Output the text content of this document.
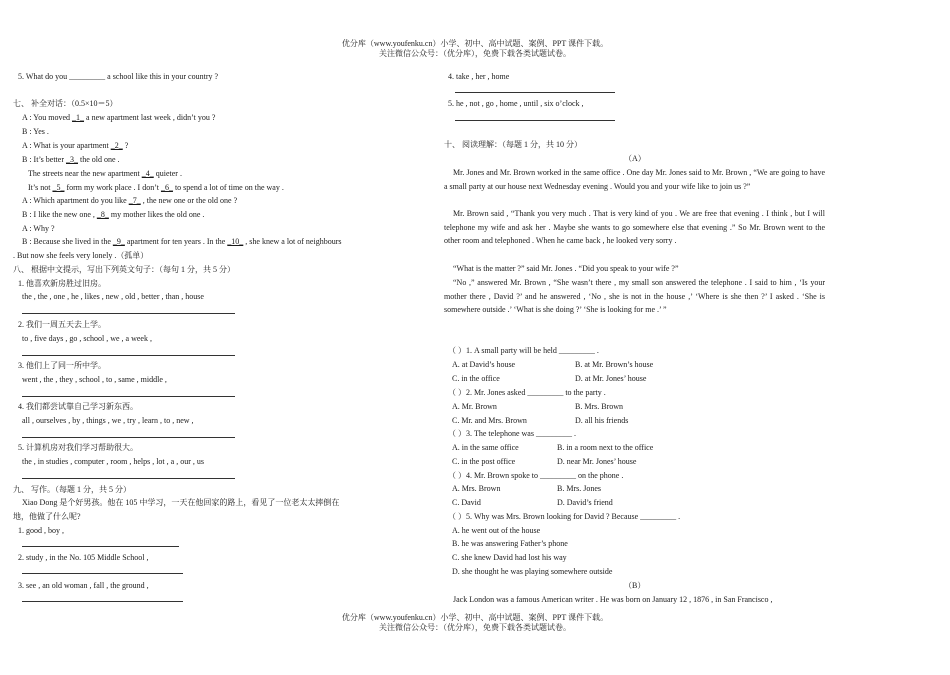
优分库（www.youfenku.cn）小学、初中、高中试题、案例、PPT 课件下载。
关注微信公众号：（优分库），免费下载各类试题试卷。
5. What do you _________ a school like this in your country ?
七、 补全对话：（0.5×10＝5）
A : You moved _1_ a new apartment last week , didn’t you ?
B : Yes .
A : What is your apartment _2_ ?
B : It’s better _3_ the old one .
The streets near the new apartment _4_ quieter .
It’s not _5_ form my work place . I don’t _6_ to spend a lot of time on the way .
A : Which apartment do you like _7_ , the new one or the old one ?
B : I like the new one , _8_ my mother likes the old one .
A : Why ?
B : Because she lived in the _9_ apartment for ten years . In the _10_ , she knew a lot of neighbours
. But now she feels very lonely .（孤单）
八、 根据中文提示，写出下列英文句子：（每句 1 分，共 5 分）
1. 他喜欢新房胜过旧房。
the , the , one , he , likes , new , old , better , than , house
2. 我们一周五天去上学。
to , five days , go , school , we , a week ,
3. 他们上了同一所中学。
went , the , they , school , to , same , middle ,
4. 我们都尝试靠自己学习新东西。
all , ourselves , by , things , we , try , learn , to , new ,
5. 计算机房对我们学习帮助很大。
the , in studies , computer , room , helps , lot , a , our , us
九、 写作。（每题 1 分，共 5 分）
Xiao Dong 是个好男孩。他在 105 中学习，一天在他回家的路上，看见了一位老太太摔倒在
地，他做了什么呢?
1. good , boy ,
2. study , in the No. 105 Middle School ,
3. see , an old woman , fall , the ground ,
4. take , her , home
5. he , not , go , home , until , six o’clock ,
十、 阅读理解：（每题 1 分，共 10 分）
（A）
Mr. Jones and Mr. Brown worked in the same office . One day Mr. Jones said to Mr. Brown , “We are going to have a small party at our house next Wednesday evening . Would you and your wife like to join us ?”
Mr. Brown said , “Thank you very much . That is very kind of you . We are free that evening . I think , but I will telephone my wife and ask her . Maybe she wants to go somewhere else that evening .” So Mr. Brown went to the other room and telephoned . When he came back , he looked very sorry .
“What is the matter ?” said Mr. Jones . “Did you speak to your wife ?”
“No ,” answered Mr. Brown , “She wasn’t there , my small son answered the telephone . I said to him , ‘Is your mother there , David ?’ and he answered , ‘No , she is not in the house ,’ ‘Where is she then ?’ I asked . ‘She is somewhere outside .’ ‘What is she doing ?’ ‘She is looking for me .’ ”
（ ）1. A small party will be held _________ .
A. at David’s house	B. at Mr. Brown’s house
C. in the office	D. at Mr. Jones’ house
（ ）2. Mr. Jones asked _________ to the party .
A. Mr. Brown	B. Mrs. Brown
C. Mr. and Mrs. Brown	D. all his friends
（ ）3. The telephone was _________ .
A. in the same office	B. in a room next to the office
C. in the post office	D. near Mr. Jones’ house
（ ）4. Mr. Brown spoke to _________ on the phone .
A. Mrs. Brown	B. Mrs. Jones
C. David	D. David’s friend
（ ）5. Why was Mrs. Brown looking for David ? Because _________ .
A. he went out of the house
B. he was answering Father’s phone
C. she knew David had lost his way
D. she thought he was playing somewhere outside
（B）
Jack London was a famous American writer . He was born on January 12 , 1876 , in San Francisco ,
优分库（www.youfenku.cn）小学、初中、高中试题、案例、PPT 课件下载。
关注微信公众号：（优分库），免费下载各类试题试卷。
